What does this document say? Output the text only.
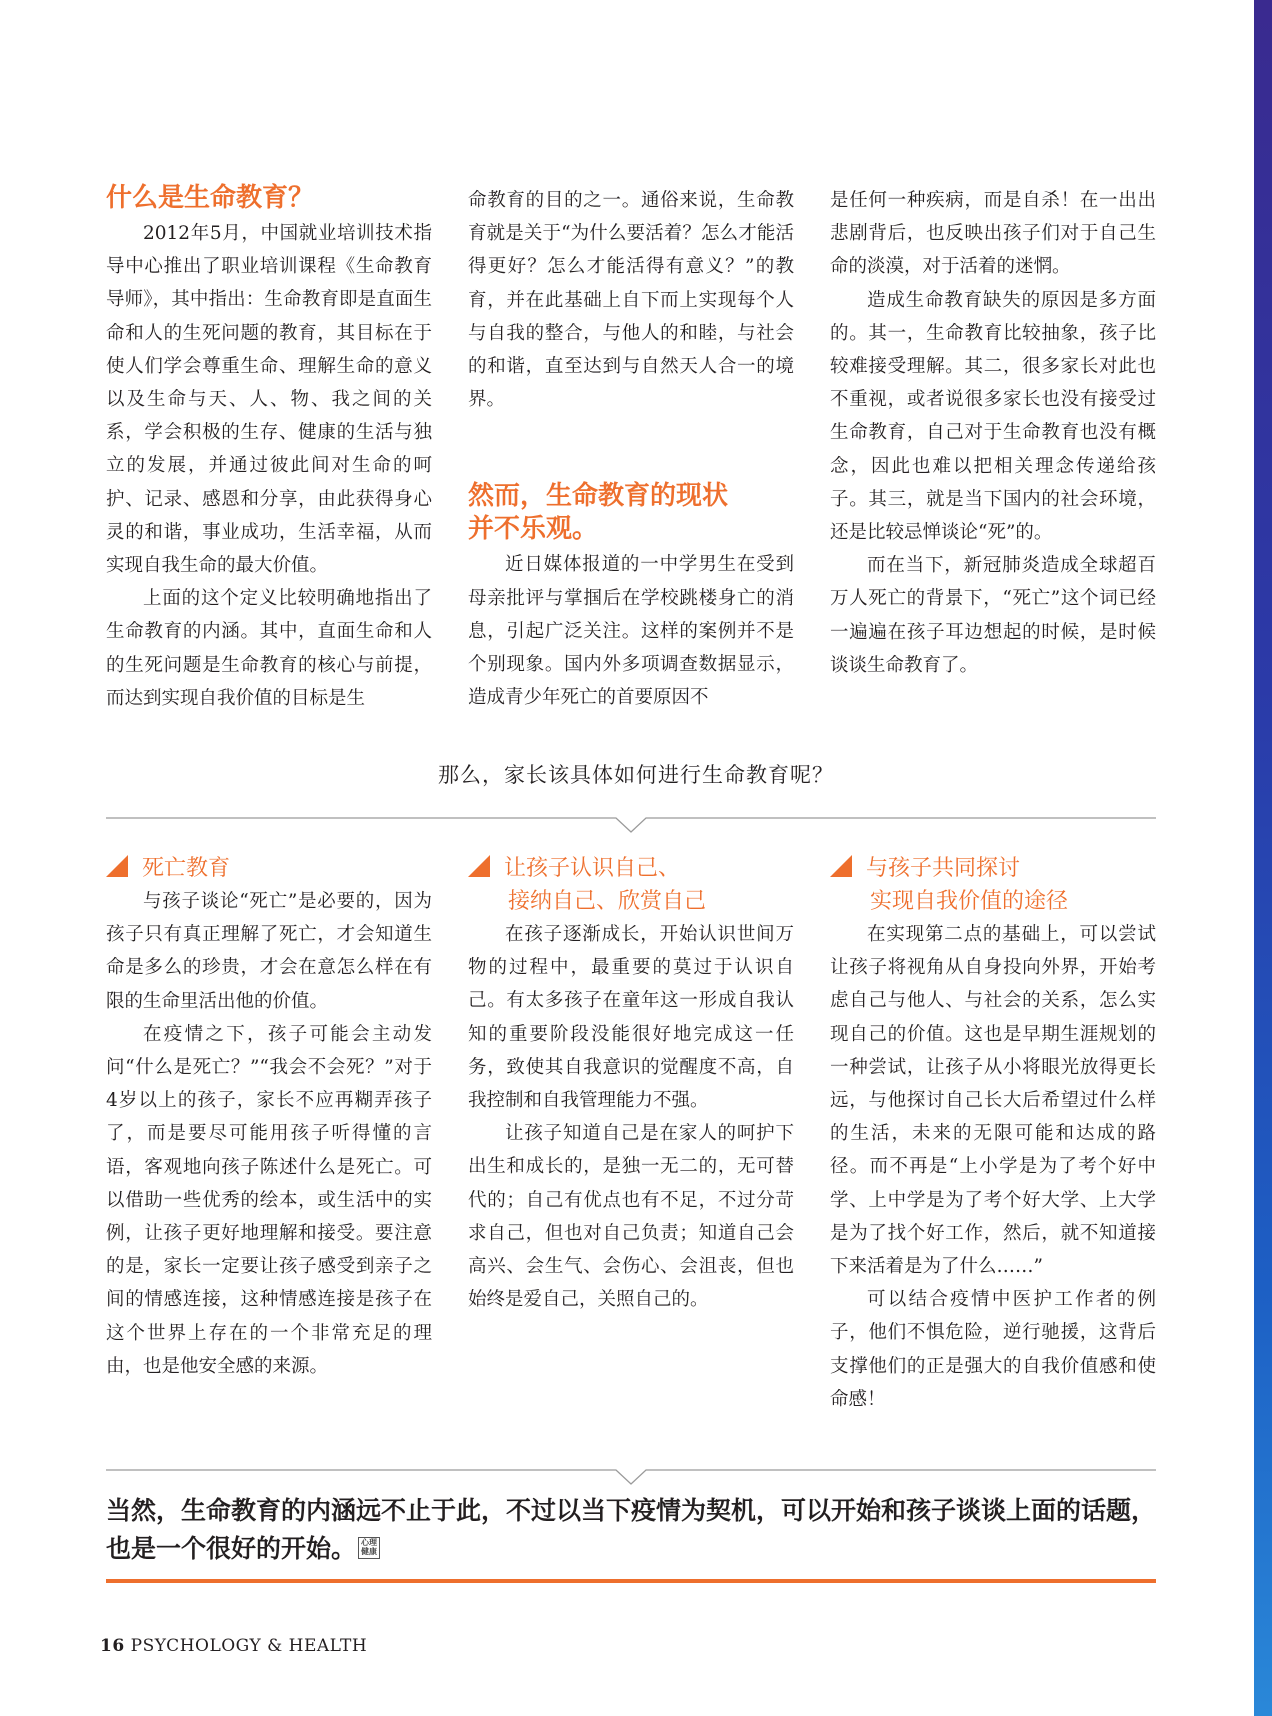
什么是生命教育？

2012年5月，中国就业培训技术指导中心推出了职业培训课程《生命教育导师》，其中指出：生命教育即是直面生命和人的生死问题的教育，其目标在于使人们学会尊重生命、理解生命的意义以及生命与天、人、物、我之间的关系，学会积极的生存、健康的生活与独立的发展，并通过彼此间对生命的呵护、记录、感恩和分享，由此获得身心灵的和谐，事业成功，生活幸福，从而实现自我生命的最大价值。

上面的这个定义比较明确地指出了生命教育的内涵。其中，直面生命和人的生死问题是生命教育的核心与前提，而达到实现自我价值的目标是生

命教育的目的之一。通俗来说，生命教育就是关于“为什么要活着？怎么才能活得更好？怎么才能活得有意义？”的教育，并在此基础上自下而上实现每个人与自我的整合，与他人的和睦，与社会的和谐，直至达到与自然天人合一的境界。

然而，生命教育的现状
并不乐观。

近日媒体报道的一中学男生在受到母亲批评与掌掴后在学校跳楼身亡的消息，引起广泛关注。这样的案例并不是个别现象。国内外多项调查数据显示，造成青少年死亡的首要原因不

是任何一种疾病，而是自杀！在一出出悲剧背后，也反映出孩子们对于自己生命的淡漠，对于活着的迷惘。

造成生命教育缺失的原因是多方面的。其一，生命教育比较抽象，孩子比较难接受理解。其二，很多家长对此也不重视，或者说很多家长也没有接受过生命教育，自己对于生命教育也没有概念，因此也难以把相关理念传递给孩子。其三，就是当下国内的社会环境，还是比较忌惮谈论“死”的。

而在当下，新冠肺炎造成全球超百万人死亡的背景下，“死亡”这个词已经一遍遍在孩子耳边想起的时候，是时候谈谈生命教育了。

那么，家长该具体如何进行生命教育呢？
死亡教育

与孩子谈论“死亡”是必要的，因为孩子只有真正理解了死亡，才会知道生命是多么的珍贵，才会在意怎么样在有限的生命里活出他的价值。

在疫情之下，孩子可能会主动发问“什么是死亡？”“我会不会死？”对于4岁以上的孩子，家长不应再糊弄孩子了，而是要尽可能用孩子听得懂的言语，客观地向孩子陈述什么是死亡。可以借助一些优秀的绘本，或生活中的实例，让孩子更好地理解和接受。要注意的是，家长一定要让孩子感受到亲子之间的情感连接，这种情感连接是孩子在这个世界上存在的一个非常充足的理由，也是他安全感的来源。

让孩子认识自己、
接纳自己、欣赏自己

在孩子逐渐成长，开始认识世间万物的过程中，最重要的莫过于认识自己。有太多孩子在童年这一形成自我认知的重要阶段没能很好地完成这一任务，致使其自我意识的觉醒度不高，自我控制和自我管理能力不强。

让孩子知道自己是在家人的呵护下出生和成长的，是独一无二的，无可替代的；自己有优点也有不足，不过分苛求自己，但也对自己负责；知道自己会高兴、会生气、会伤心、会沮丧，但也始终是爱自己，关照自己的。

与孩子共同探讨
实现自我价值的途径

在实现第二点的基础上，可以尝试让孩子将视角从自身投向外界，开始考虑自己与他人、与社会的关系，怎么实现自己的价值。这也是早期生涯规划的一种尝试，让孩子从小将眼光放得更长远，与他探讨自己长大后希望过什么样的生活，未来的无限可能和达成的路径。而不再是“上小学是为了考个好中学、上中学是为了考个好大学、上大学是为了找个好工作，然后，就不知道接下来活着是为了什么……”

可以结合疫情中医护工作者的例子，他们不惧危险，逆行驰援，这背后支撑他们的正是强大的自我价值感和使命感！

当然，生命教育的内涵远不止于此，不过以当下疫情为契机，可以开始和孩子谈谈上面的话题，也是一个很好的开始。 心理健康
16 PSYCHOLOGY & HEALTH
